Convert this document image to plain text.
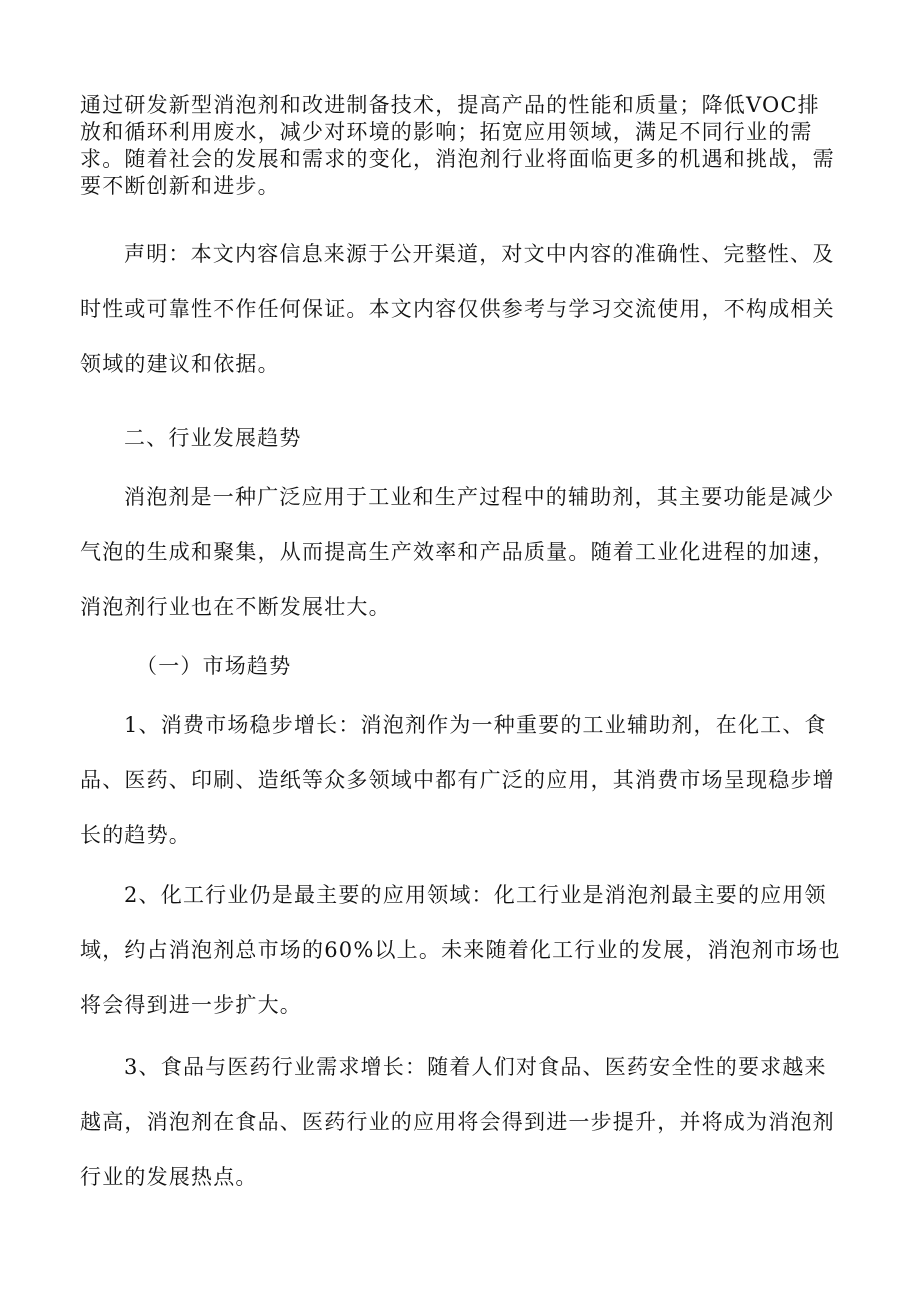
通过研发新型消泡剂和改进制备技术，提高产品的性能和质量；降低VOC排放和循环利用废水，减少对环境的影响；拓宽应用领域，满足不同行业的需求。随着社会的发展和需求的变化，消泡剂行业将面临更多的机遇和挑战，需要不断创新和进步。

声明：本文内容信息来源于公开渠道，对文中内容的准确性、完整性、及时性或可靠性不作任何保证。本文内容仅供参考与学习交流使用，不构成相关领域的建议和依据。

二、行业发展趋势

消泡剂是一种广泛应用于工业和生产过程中的辅助剂，其主要功能是减少气泡的生成和聚集，从而提高生产效率和产品质量。随着工业化进程的加速，消泡剂行业也在不断发展壮大。

（一）市场趋势

1、消费市场稳步增长：消泡剂作为一种重要的工业辅助剂，在化工、食品、医药、印刷、造纸等众多领域中都有广泛的应用，其消费市场呈现稳步增长的趋势。

2、化工行业仍是最主要的应用领域：化工行业是消泡剂最主要的应用领域，约占消泡剂总市场的60%以上。未来随着化工行业的发展，消泡剂市场也将会得到进一步扩大。

3、食品与医药行业需求增长：随着人们对食品、医药安全性的要求越来越高，消泡剂在食品、医药行业的应用将会得到进一步提升，并将成为消泡剂行业的发展热点。
